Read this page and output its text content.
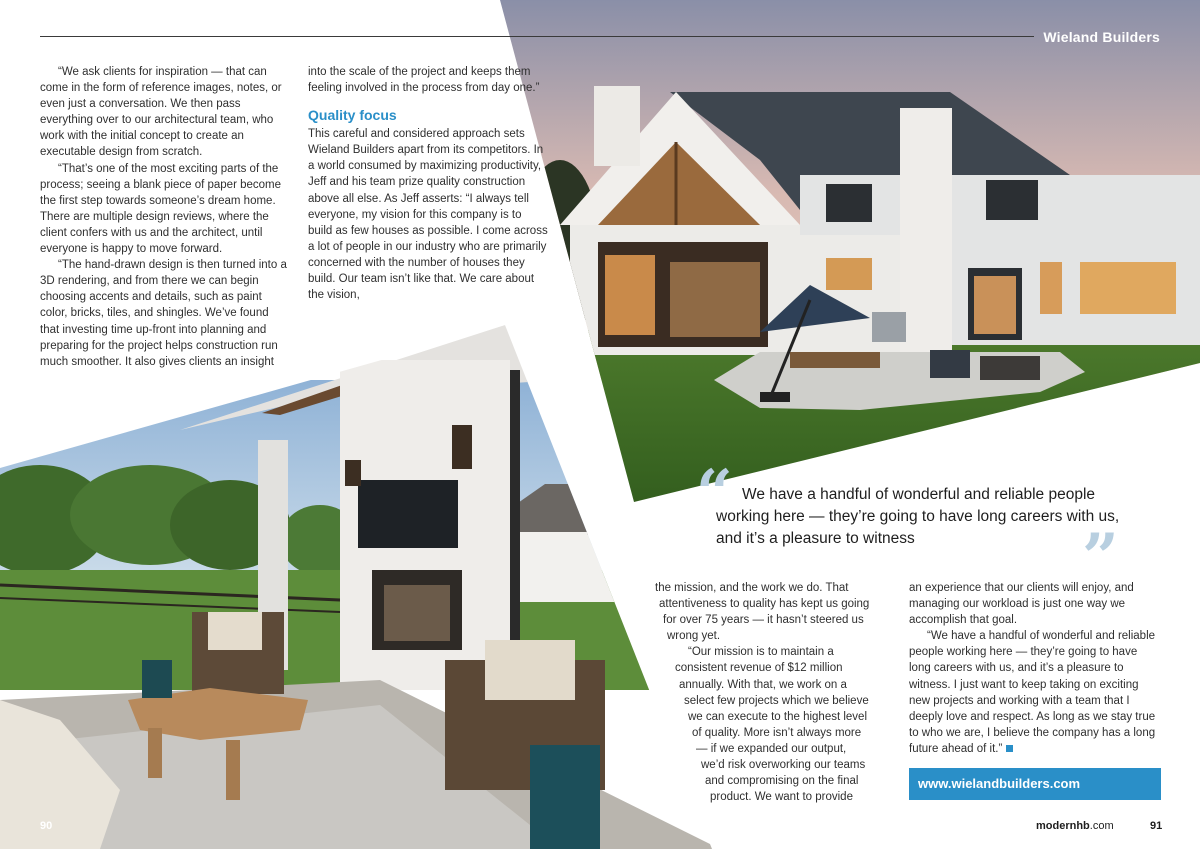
Wieland Builders

“We ask clients for inspiration — that can come in the form of reference images, notes, or even just a conversation. We then pass everything over to our architectural team, who work with the initial concept to create an executable design from scratch.

“That’s one of the most exciting parts of the process; seeing a blank piece of paper become the first step towards someone’s dream home. There are multiple design reviews, where the client confers with us and the architect, until everyone is happy to move forward.

“The hand-drawn design is then turned into a 3D rendering, and from there we can begin choosing accents and details, such as paint color, bricks, tiles, and shingles. We’ve found that investing time up-front into planning and preparing for the project helps construction run much smoother. It also gives clients an insight

into the scale of the project and keeps them feeling involved in the process from day one.”

Quality focus

This careful and considered approach sets Wieland Builders apart from its competitors. In a world consumed by maximizing productivity, Jeff and his team prize quality construction above all else. As Jeff asserts: “I always tell everyone, my vision for this company is to build as few houses as possible. I come across a lot of people in our industry who are primarily concerned with the number of houses they build. Our team isn’t like that. We care about the vision,

“ We have a handful of wonderful and reliable people working here — they’re going to have long careers with us, and it’s a pleasure to witness	”
the mission, and the work we do. That
attentiveness to quality has kept us going
for over 75 years — it hasn’t steered us
wrong yet.
“Our mission is to maintain a
consistent revenue of $12 million
annually. With that, we work on a
select few projects which we believe
we can execute to the highest level
of quality. More isn’t always more
— if we expanded our output,
we’d risk overworking our teams
and compromising on the final
product. We want to provide

an experience that our clients will enjoy, and managing our workload is just one way we accomplish that goal.

“We have a handful of wonderful and reliable people working here — they’re going to have long careers with us, and it’s a pleasure to witness. I just want to keep taking on exciting new projects and working with a team that I deeply love and respect. As long as we stay true to who we are, I believe the company has a long future ahead of it.”

www.wielandbuilders.com
90	modernhb.com	91
